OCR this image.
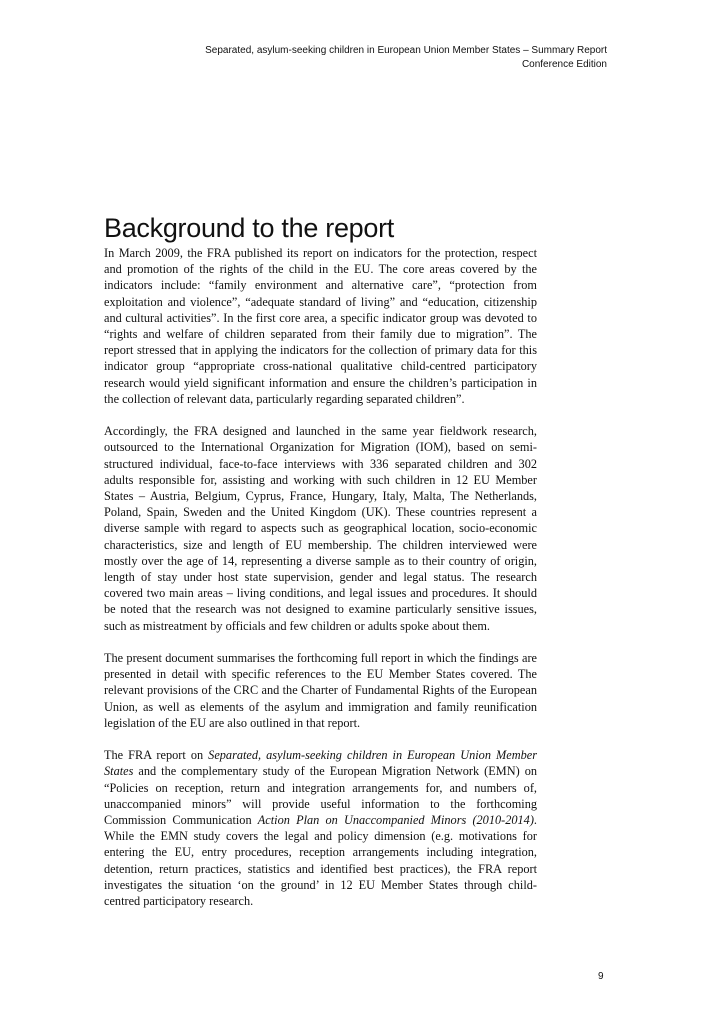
Separated, asylum-seeking children in European Union Member States – Summary Report
Conference Edition
Background to the report

In March 2009, the FRA published its report on indicators for the protection, respect and promotion of the rights of the child in the EU. The core areas covered by the indicators include: “family environment and alternative care”, “protection from exploitation and violence”, “adequate standard of living” and “education, citizenship and cultural activities”. In the first core area, a specific indicator group was devoted to “rights and welfare of children separated from their family due to migration”. The report stressed that in applying the indicators for the collection of primary data for this indicator group “appropriate cross-national qualitative child-centred participatory research would yield significant information and ensure the children’s participation in the collection of relevant data, particularly regarding separated children”.

Accordingly, the FRA designed and launched in the same year fieldwork research, outsourced to the International Organization for Migration (IOM), based on semi-structured individual, face-to-face interviews with 336 separated children and 302 adults responsible for, assisting and working with such children in 12 EU Member States – Austria, Belgium, Cyprus, France, Hungary, Italy, Malta, The Netherlands, Poland, Spain, Sweden and the United Kingdom (UK). These countries represent a diverse sample with regard to aspects such as geographical location, socio-economic characteristics, size and length of EU membership. The children interviewed were mostly over the age of 14, representing a diverse sample as to their country of origin, length of stay under host state supervision, gender and legal status. The research covered two main areas – living conditions, and legal issues and procedures. It should be noted that the research was not designed to examine particularly sensitive issues, such as mistreatment by officials and few children or adults spoke about them.

The present document summarises the forthcoming full report in which the findings are presented in detail with specific references to the EU Member States covered. The relevant provisions of the CRC and the Charter of Fundamental Rights of the European Union, as well as elements of the asylum and immigration and family reunification legislation of the EU are also outlined in that report.

The FRA report on Separated, asylum-seeking children in European Union Member States and the complementary study of the European Migration Network (EMN) on “Policies on reception, return and integration arrangements for, and numbers of, unaccompanied minors” will provide useful information to the forthcoming Commission Communication Action Plan on Unaccompanied Minors (2010-2014). While the EMN study covers the legal and policy dimension (e.g. motivations for entering the EU, entry procedures, reception arrangements including integration, detention, return practices, statistics and identified best practices), the FRA report investigates the situation ‘on the ground’ in 12 EU Member States through child-centred participatory research.

9
